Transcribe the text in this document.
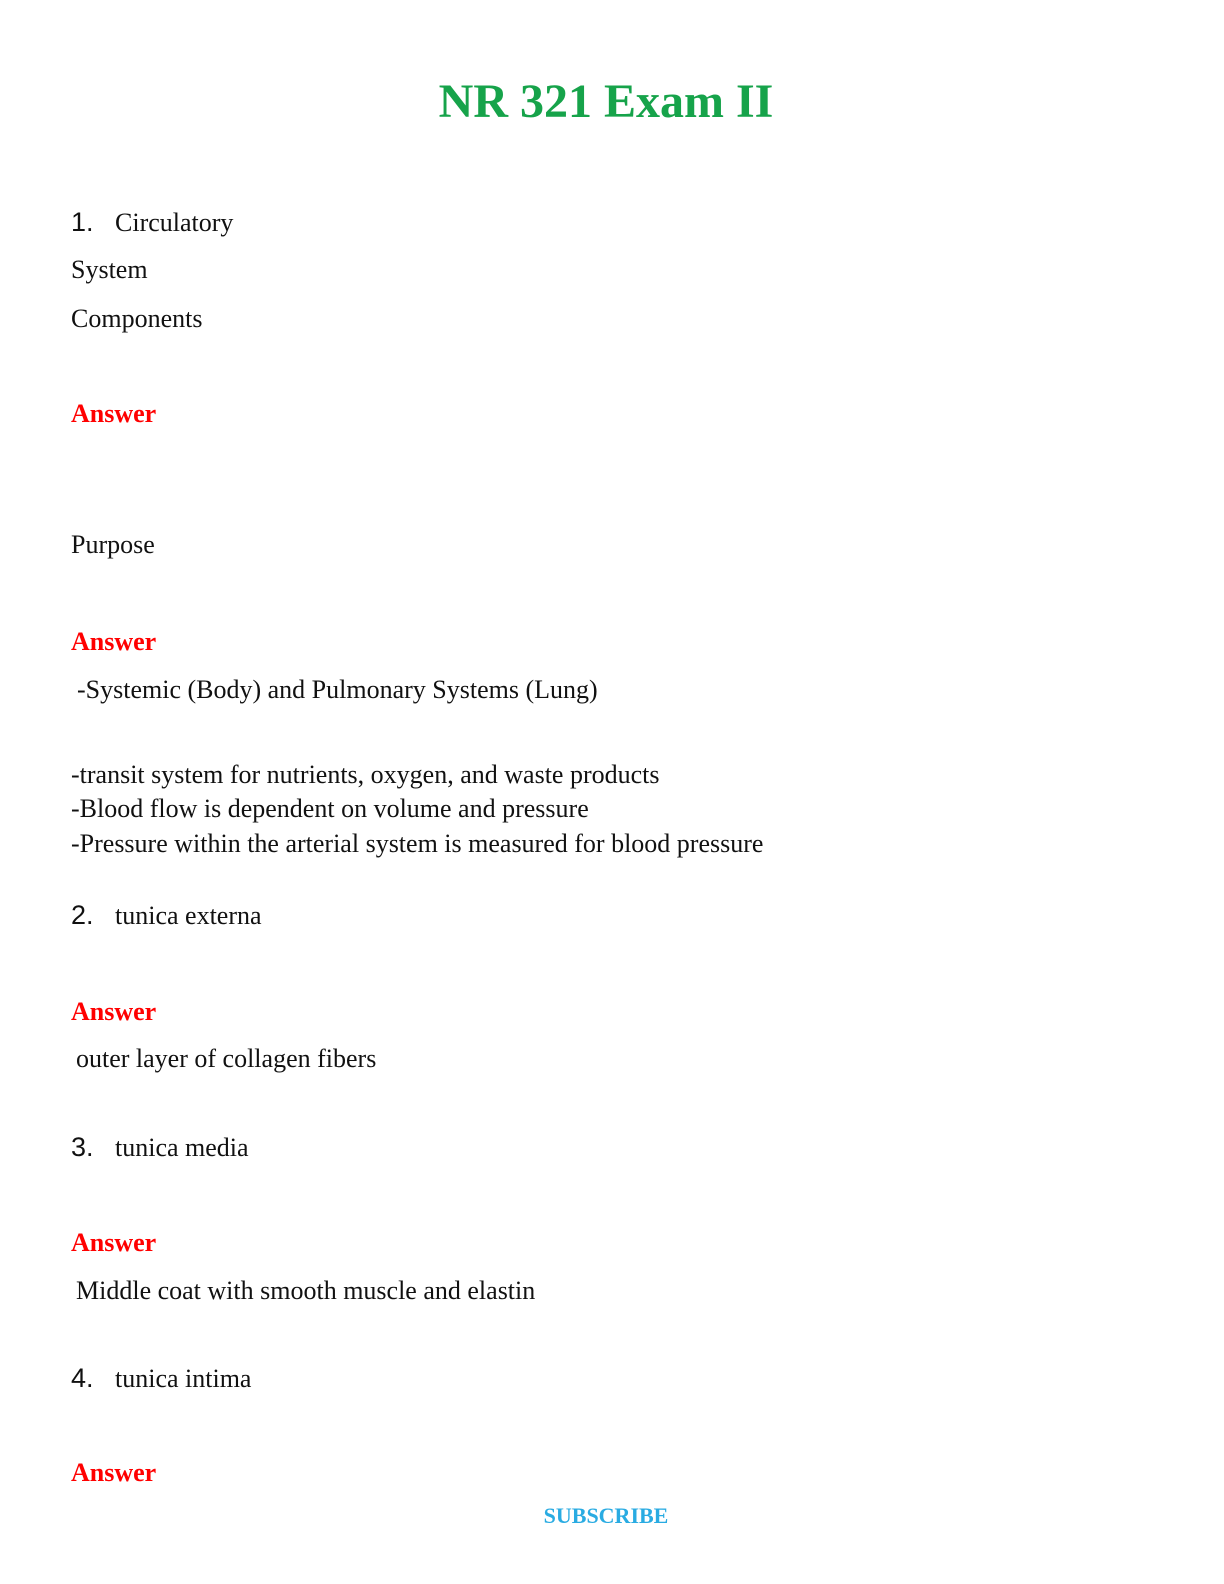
NR 321 Exam II
1. Circulatory
System
Components
Answer
Purpose
Answer
-Systemic (Body) and Pulmonary Systems (Lung)
-transit system for nutrients, oxygen, and waste products
-Blood flow is dependent on volume and pressure
-Pressure within the arterial system is measured for blood pressure
2. tunica externa
Answer
outer layer of collagen fibers
3. tunica media
Answer
Middle coat with smooth muscle and elastin
4. tunica intima
Answer
SUBSCRIBE
